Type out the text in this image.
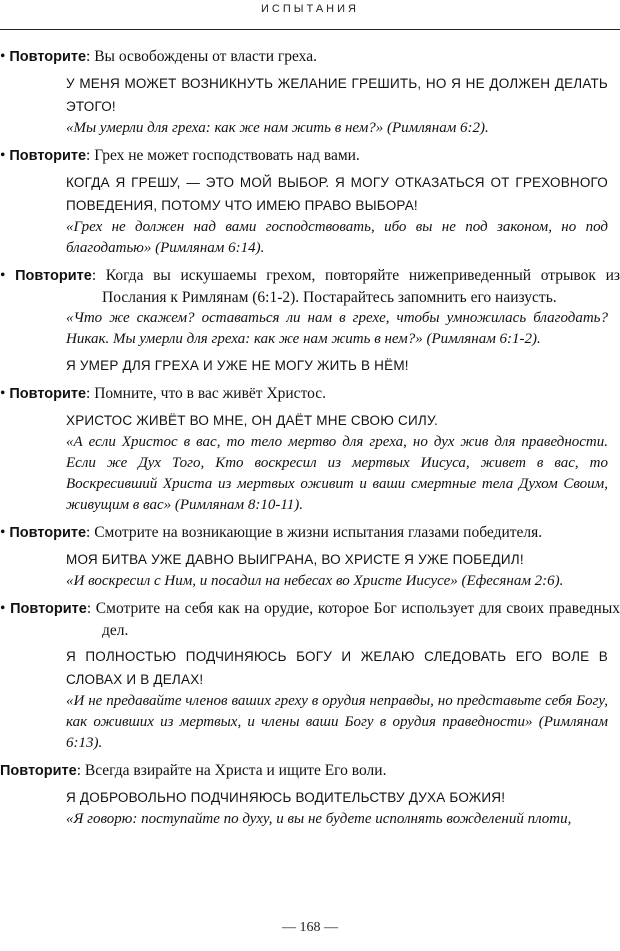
ИСПЫТАНИЯ

• Повторите: Вы освобождены от власти греха.

У МЕНЯ МОЖЕТ ВОЗНИКНУТЬ ЖЕЛАНИЕ ГРЕШИТЬ, НО Я НЕ ДОЛЖЕН ДЕЛАТЬ ЭТОГО!
«Мы умерли для греха: как же нам жить в нем?» (Римлянам 6:2).

• Повторите: Грех не может господствовать над вами.

КОГДА Я ГРЕШУ, — ЭТО МОЙ ВЫБОР. Я МОГУ ОТКАЗАТЬСЯ ОТ ГРЕХОВНОГО ПОВЕДЕНИЯ, ПОТОМУ ЧТО ИМЕЮ ПРАВО ВЫБОРА!
«Грех не должен над вами господствовать, ибо вы не под законом, но под благодатью» (Римлянам 6:14).

• Повторите: Когда вы искушаемы грехом, повторяйте нижеприведенный отрывок из Послания к Римлянам (6:1-2). Постарайтесь запомнить его наизусть.

«Что же скажем? оставаться ли нам в грехе, чтобы умножилась благодать? Никак. Мы умерли для греха: как же нам жить в нем?» (Римлянам 6:1-2).
Я УМЕР ДЛЯ ГРЕХА И УЖЕ НЕ МОГУ ЖИТЬ В НЁМ!

• Повторите: Помните, что в вас живёт Христос.

ХРИСТОС ЖИВЁТ ВО МНЕ, ОН ДАЁТ МНЕ СВОЮ СИЛУ.
«А если Христос в вас, то тело мертво для греха, но дух жив для праведности. Если же Дух Того, Кто воскресил из мертвых Иисуса, живет в вас, то Воскресивший Христа из мертвых оживит и ваши смертные тела Духом Своим, живущим в вас» (Римлянам 8:10-11).

• Повторите: Смотрите на возникающие в жизни испытания глазами победителя.

МОЯ БИТВА УЖЕ ДАВНО ВЫИГРАНА, ВО ХРИСТЕ Я УЖЕ ПОБЕДИЛ!
«И воскресил с Ним, и посадил на небесах во Христе Иисусе» (Ефесянам 2:6).

• Повторите: Смотрите на себя как на орудие, которое Бог использует для своих праведных дел.

Я ПОЛНОСТЬЮ ПОДЧИНЯЮСЬ БОГУ И ЖЕЛАЮ СЛЕДОВАТЬ ЕГО ВОЛЕ В СЛОВАХ И В ДЕЛАХ!
«И не предавайте членов ваших греху в орудия неправды, но представьте себя Богу, как оживших из мертвых, и члены ваши Богу в орудия праведности» (Римлянам 6:13).

Повторите: Всегда взирайте на Христа и ищите Его воли.

Я ДОБРОВОЛЬНО ПОДЧИНЯЮСЬ ВОДИТЕЛЬСТВУ ДУХА БОЖИЯ!
«Я говорю: поступайте по духу, и вы не будете исполнять вожделений плоти,
— 168 —
